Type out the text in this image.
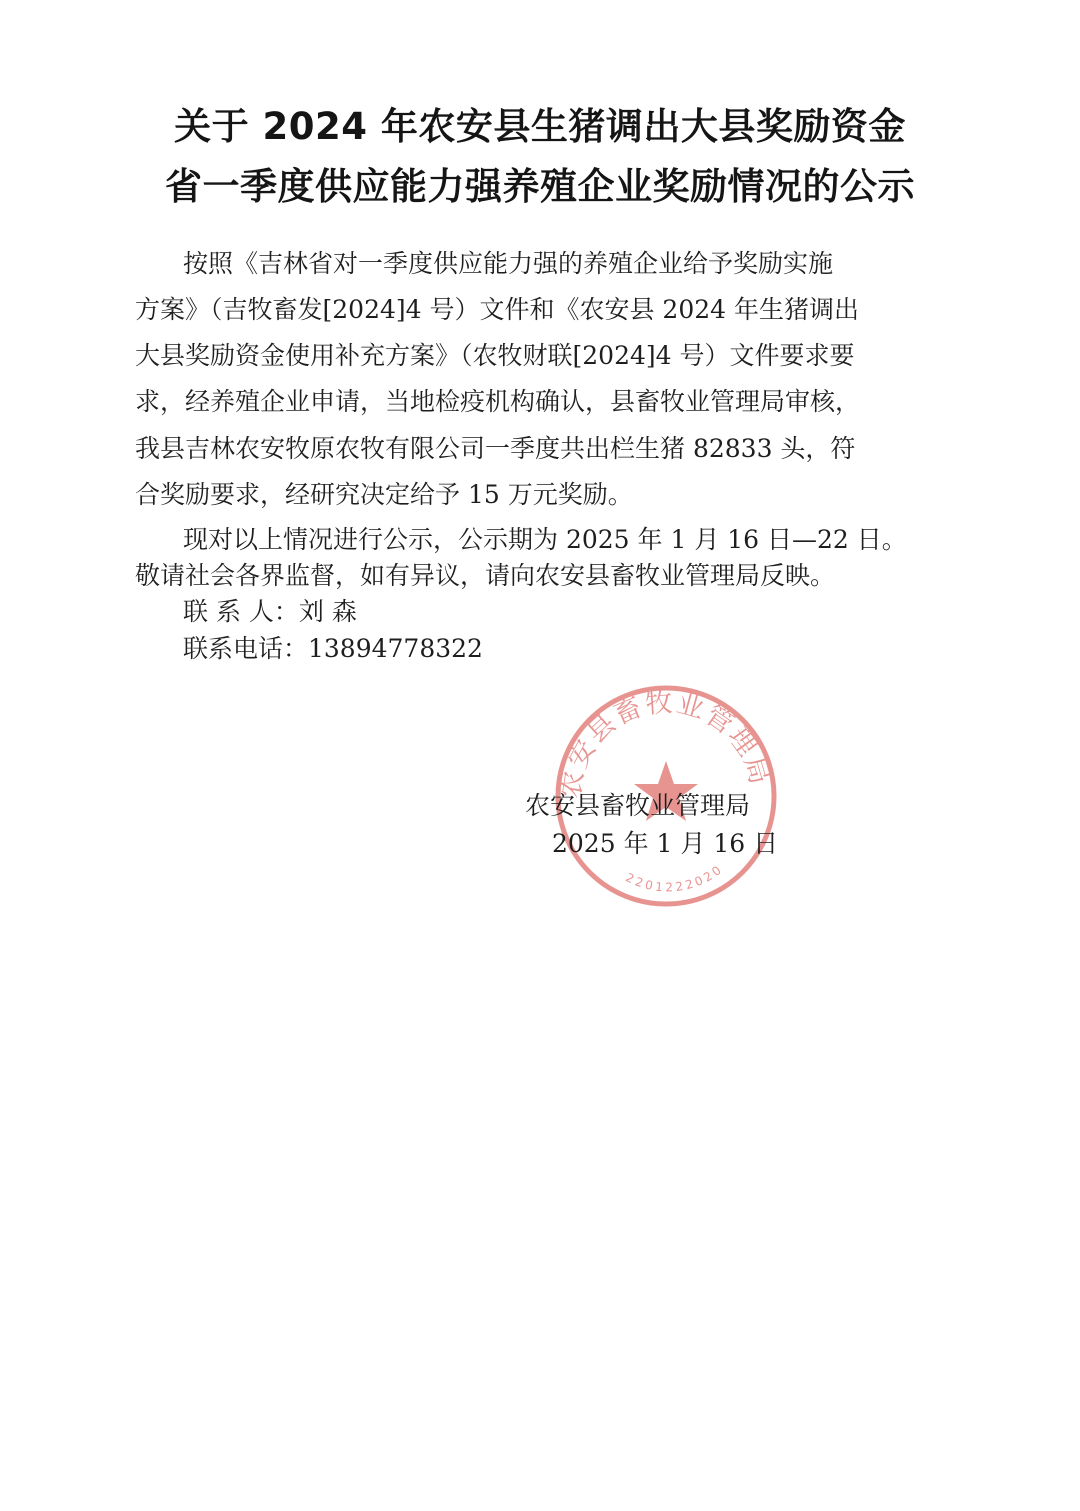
关于 2024 年农安县生猪调出大县奖励资金
省一季度供应能力强养殖企业奖励情况的公示
按照《吉林省对一季度供应能力强的养殖企业给予奖励实施
方案》（吉牧畜发[2024]4 号）文件和《农安县 2024 年生猪调出
大县奖励资金使用补充方案》（农牧财联[2024]4 号）文件要求要
求，经养殖企业申请，当地检疫机构确认，县畜牧业管理局审核，
我县吉林农安牧原农牧有限公司一季度共出栏生猪 82833 头，符
合奖励要求，经研究决定给予 15 万元奖励。
现对以上情况进行公示，公示期为 2025 年 1 月 16 日—22 日。
敬请社会各界监督，如有异议，请向农安县畜牧业管理局反映。
联 系 人：刘 森
联系电话：13894778322
农安县畜牧业管理局
2201222020
农安县畜牧业管理局
2025 年 1 月 16 日
